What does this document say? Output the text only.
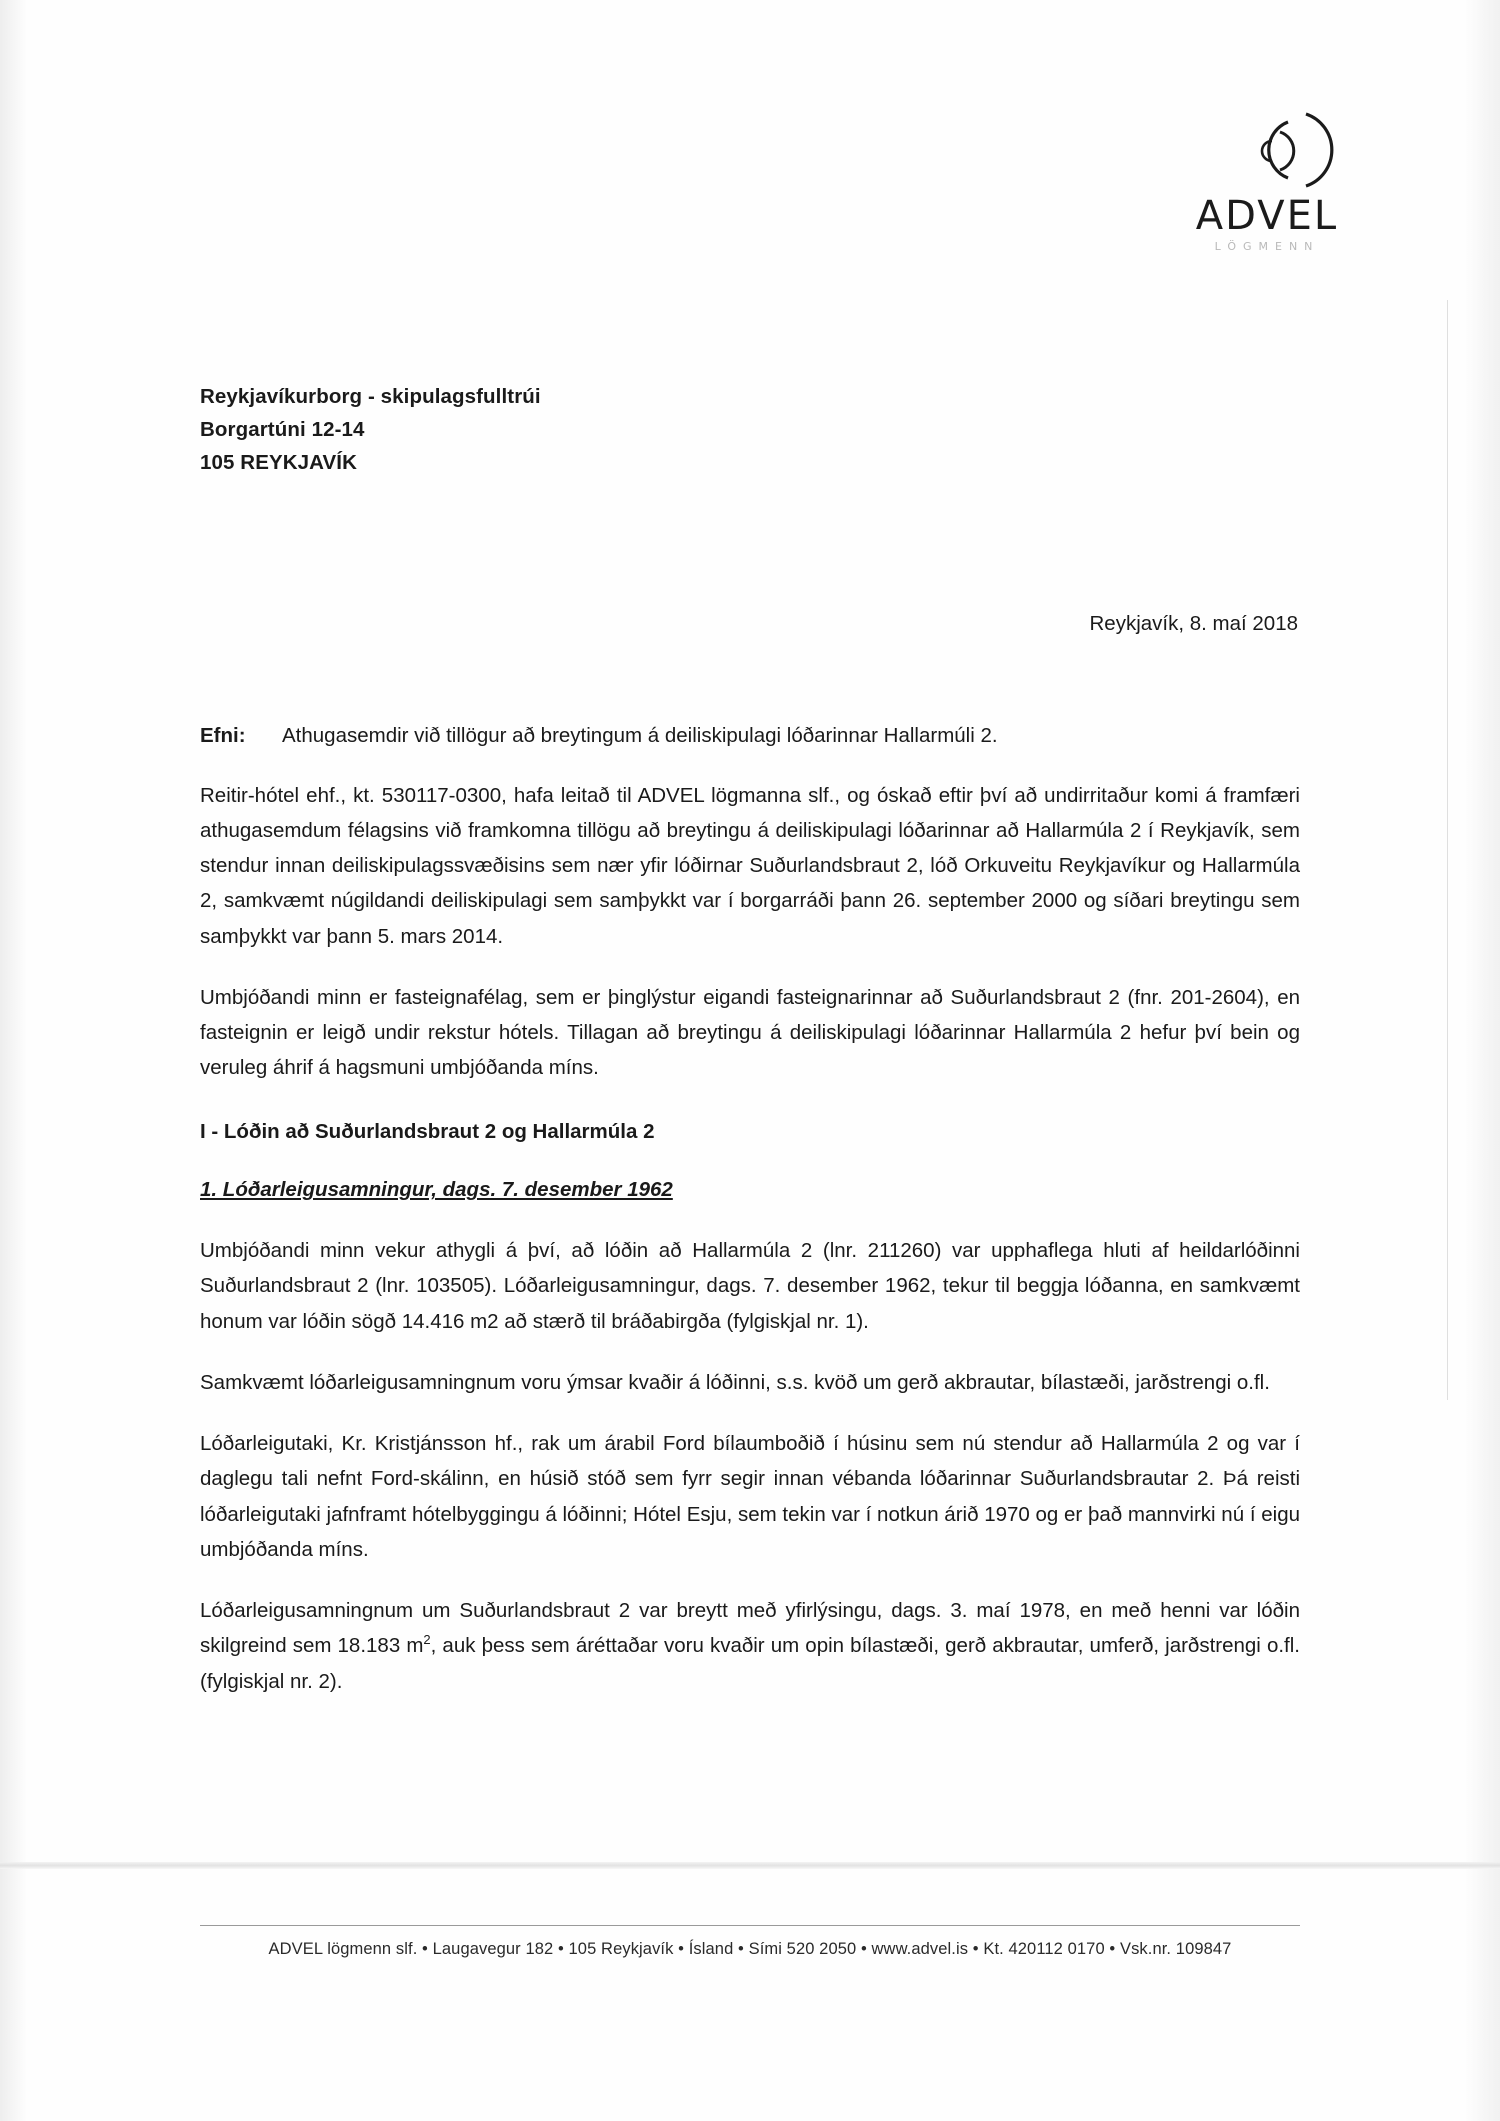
ADVEL
LÖGMENN
Reykjavíkurborg - skipulagsfulltrúi
Borgartúni 12-14
105 REYKJAVÍK
Reykjavík, 8. maí 2018
Efni:	Athugasemdir við tillögur að breytingum á deiliskipulagi lóðarinnar Hallarmúli 2.

Reitir-hótel ehf., kt. 530117-0300, hafa leitað til ADVEL lögmanna slf., og óskað eftir því að undirritaður komi á framfæri athugasemdum félagsins við framkomna tillögu að breytingu á deiliskipulagi lóðarinnar að Hallarmúla 2 í Reykjavík, sem stendur innan deiliskipulagssvæðisins sem nær yfir lóðirnar Suðurlandsbraut 2, lóð Orkuveitu Reykjavíkur og Hallarmúla 2, samkvæmt núgildandi deiliskipulagi sem samþykkt var í borgarráði þann 26. september 2000 og síðari breytingu sem samþykkt var þann 5. mars 2014.

Umbjóðandi minn er fasteignafélag, sem er þinglýstur eigandi fasteignarinnar að Suðurlandsbraut 2 (fnr. 201-2604), en fasteignin er leigð undir rekstur hótels. Tillagan að breytingu á deiliskipulagi lóðarinnar Hallarmúla 2 hefur því bein og veruleg áhrif á hagsmuni umbjóðanda míns.

I - Lóðin að Suðurlandsbraut 2 og Hallarmúla 2
1. Lóðarleigusamningur, dags. 7. desember 1962

Umbjóðandi minn vekur athygli á því, að lóðin að Hallarmúla 2 (lnr. 211260) var upphaflega hluti af heildarlóðinni Suðurlandsbraut 2 (lnr. 103505). Lóðarleigusamningur, dags. 7. desember 1962, tekur til beggja lóðanna, en samkvæmt honum var lóðin sögð 14.416 m2 að stærð til bráðabirgða (fylgiskjal nr. 1).

Samkvæmt lóðarleigusamningnum voru ýmsar kvaðir á lóðinni, s.s. kvöð um gerð akbrautar, bílastæði, jarðstrengi o.fl.

Lóðarleigutaki, Kr. Kristjánsson hf., rak um árabil Ford bílaumboðið í húsinu sem nú stendur að Hallarmúla 2 og var í daglegu tali nefnt Ford-skálinn, en húsið stóð sem fyrr segir innan vébanda lóðarinnar Suðurlandsbrautar 2. Þá reisti lóðarleigutaki jafnframt hótelbyggingu á lóðinni; Hótel Esju, sem tekin var í notkun árið 1970 og er það mannvirki nú í eigu umbjóðanda míns.

Lóðarleigusamningnum um Suðurlandsbraut 2 var breytt með yfirlýsingu, dags. 3. maí 1978, en með henni var lóðin skilgreind sem 18.183 $m^2$, auk þess sem áréttaðar voru kvaðir um opin bílastæði, gerð akbrautar, umferð, jarðstrengi o.fl. (fylgiskjal nr. 2).

ADVEL lögmenn slf. • Laugavegur 182 • 105 Reykjavík • Ísland • Sími 520 2050 • www.advel.is • Kt. 420112 0170 • Vsk.nr. 109847
